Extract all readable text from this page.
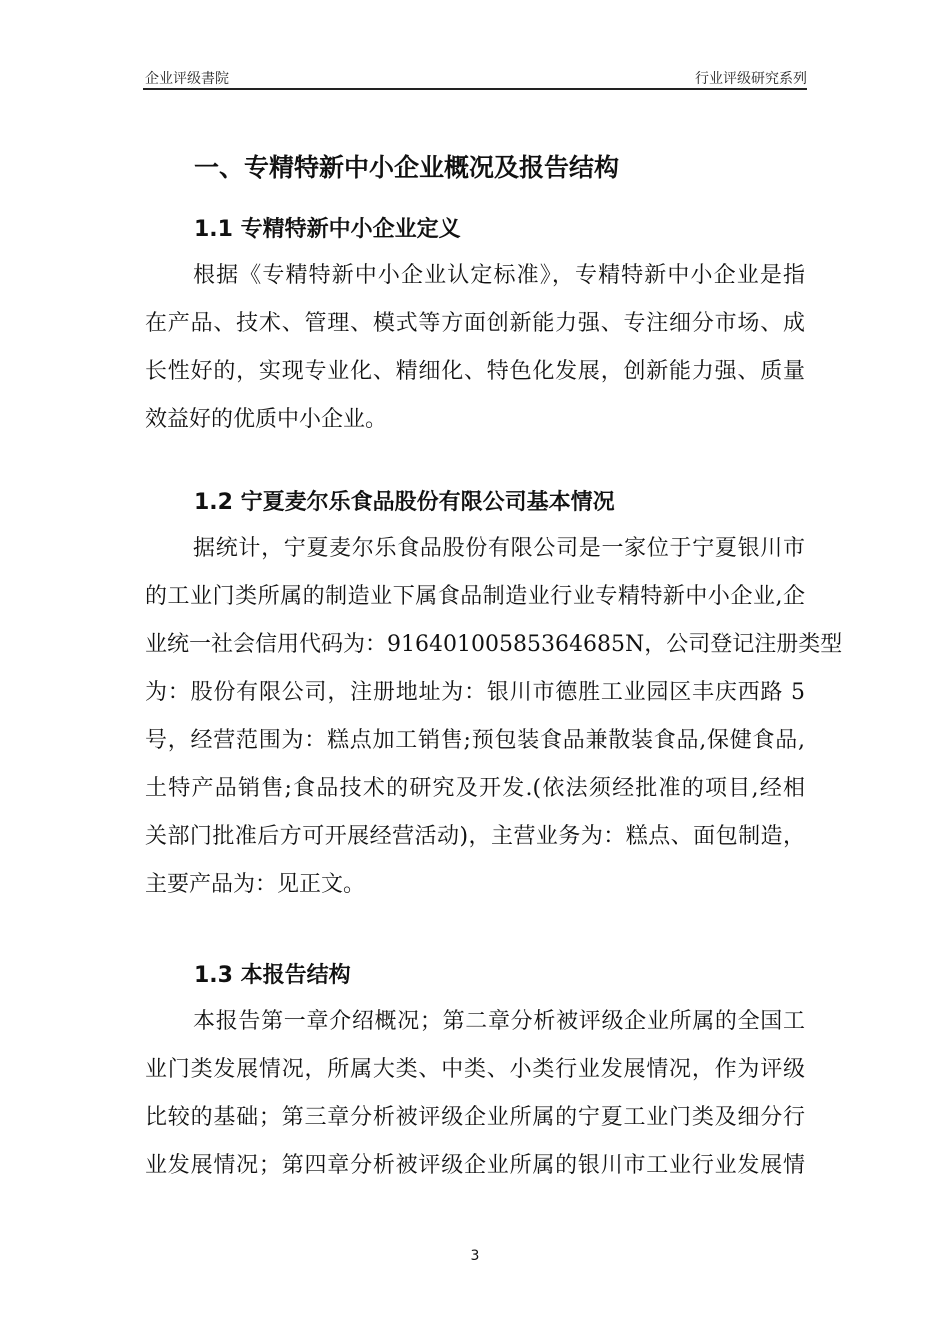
企业评级書院	行业评级研究系列
一、专精特新中小企业概况及报告结构
1.1 专精特新中小企业定义
根据《专精特新中小企业认定标准》，专精特新中小企业是指
在产品、技术、管理、模式等方面创新能力强、专注细分市场、成
长性好的，实现专业化、精细化、特色化发展，创新能力强、质量
效益好的优质中小企业。
1.2 宁夏麦尔乐食品股份有限公司基本情况
据统计，宁夏麦尔乐食品股份有限公司是一家位于宁夏银川市
的工业门类所属的制造业下属食品制造业行业专精特新中小企业,企
业统一社会信用代码为：91640100585364685N，公司登记注册类型
为：股份有限公司，注册地址为：银川市德胜工业园区丰庆西路 5
号，经营范围为：糕点加工销售;预包装食品兼散装食品,保健食品,
土特产品销售;食品技术的研究及开发.(依法须经批准的项目,经相
关部门批准后方可开展经营活动)，主营业务为：糕点、面包制造，
主要产品为：见正文。
1.3 本报告结构
本报告第一章介绍概况；第二章分析被评级企业所属的全国工
业门类发展情况，所属大类、中类、小类行业发展情况，作为评级
比较的基础；第三章分析被评级企业所属的宁夏工业门类及细分行
业发展情况；第四章分析被评级企业所属的银川市工业行业发展情
3
